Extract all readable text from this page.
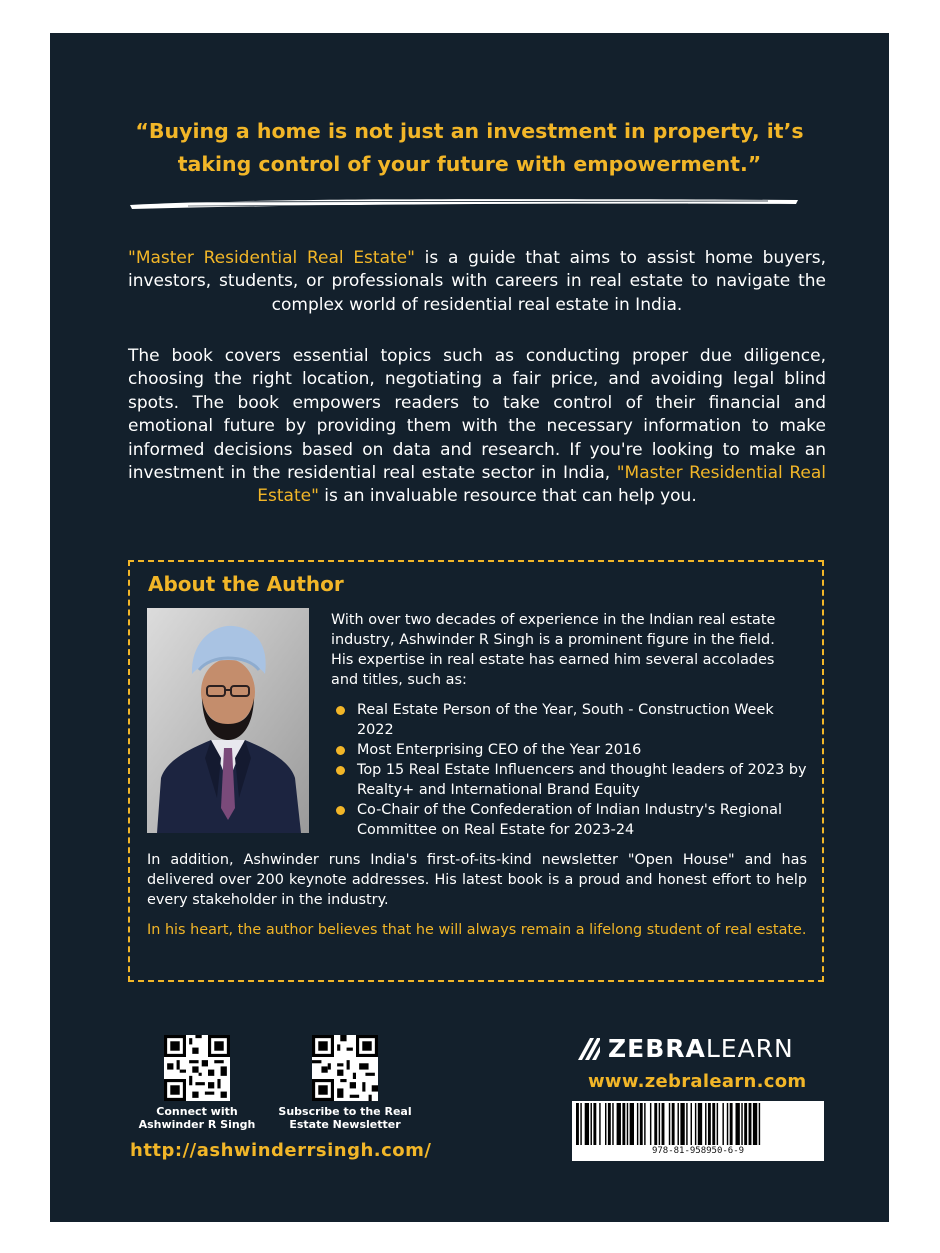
“Buying a home is not just an investment in property, it’s
taking control of your future with empowerment.”
"Master Residential Real Estate" is a guide that aims to assist home buyers, investors, students, or professionals with careers in real estate to navigate the complex world of residential real estate in India.
The book covers essential topics such as conducting proper due diligence, choosing the right location, negotiating a fair price, and avoiding legal blind spots. The book empowers readers to take control of their financial and emotional future by providing them with the necessary information to make informed decisions based on data and research. If you're looking to make an investment in the residential real estate sector in India, "Master Residential Real Estate" is an invaluable resource that can help you.
About the Author
With over two decades of experience in the Indian real estate industry, Ashwinder R Singh is a prominent figure in the field. His expertise in real estate has earned him several accolades and titles, such as:
Real Estate Person of the Year, South - Construction Week 2022
Most Enterprising CEO of the Year 2016
Top 15 Real Estate Influencers and thought leaders of 2023 by Realty+ and International Brand Equity
Co-Chair of the Confederation of Indian Industry's Regional Committee on Real Estate for 2023-24
In addition, Ashwinder runs India's first-of-its-kind newsletter "Open House" and has delivered over 200 keynote addresses. His latest book is a proud and honest effort to help every stakeholder in the industry.
In his heart, the author believes that he will always remain a lifelong student of real estate.
Connect with Ashwinder R Singh
Subscribe to the Real Estate Newsletter
http://ashwinderrsingh.com/
ZEBRALEARN
www.zebralearn.com
978-81-958950-6-9
